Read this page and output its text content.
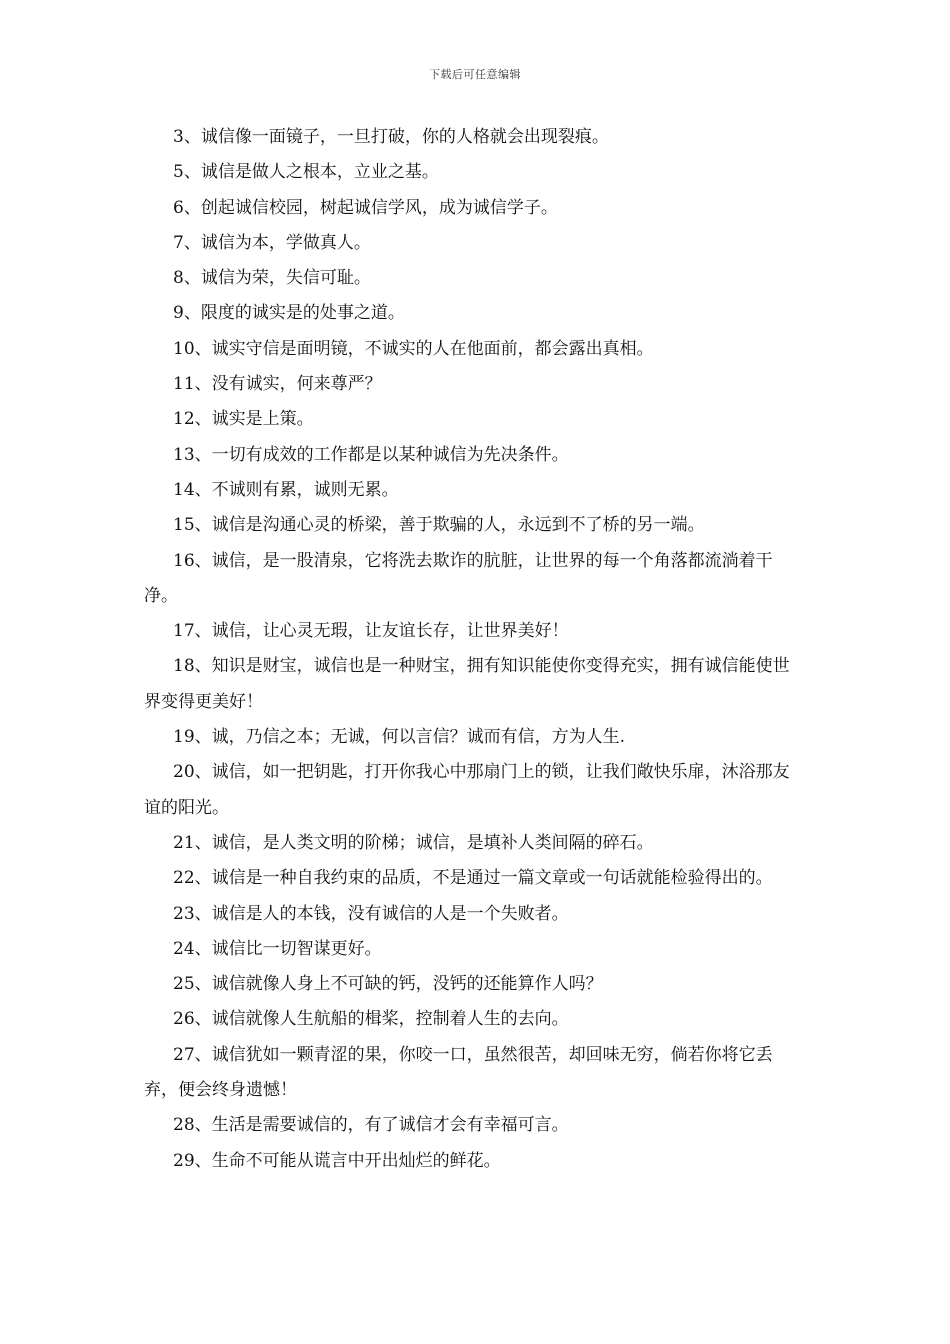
下载后可任意编辑

3、诚信像一面镜子，一旦打破，你的人格就会出现裂痕。

5、诚信是做人之根本，立业之基。

6、创起诚信校园，树起诚信学风，成为诚信学子。

7、诚信为本，学做真人。

8、诚信为荣，失信可耻。

9、限度的诚实是的处事之道。

10、诚实守信是面明镜，不诚实的人在他面前，都会露出真相。

11、没有诚实，何来尊严？

12、诚实是上策。

13、一切有成效的工作都是以某种诚信为先决条件。

14、不诚则有累，诚则无累。

15、诚信是沟通心灵的桥梁，善于欺骗的人，永远到不了桥的另一端。

16、诚信，是一股清泉，它将洗去欺诈的肮脏，让世界的每一个角落都流淌着干净。

17、诚信，让心灵无瑕，让友谊长存，让世界美好！

18、知识是财宝，诚信也是一种财宝，拥有知识能使你变得充实，拥有诚信能使世界变得更美好！

19、诚，乃信之本；无诚，何以言信？诚而有信，方为人生.

20、诚信，如一把钥匙，打开你我心中那扇门上的锁，让我们敞快乐扉，沐浴那友谊的阳光。

21、诚信，是人类文明的阶梯；诚信，是填补人类间隔的碎石。

22、诚信是一种自我约束的品质，不是通过一篇文章或一句话就能检验得出的。

23、诚信是人的本钱，没有诚信的人是一个失败者。

24、诚信比一切智谋更好。

25、诚信就像人身上不可缺的钙，没钙的还能算作人吗？

26、诚信就像人生航船的楫桨，控制着人生的去向。

27、诚信犹如一颗青涩的果，你咬一口，虽然很苦，却回味无穷，倘若你将它丢弃，便会终身遗憾！

28、生活是需要诚信的，有了诚信才会有幸福可言。

29、生命不可能从谎言中开出灿烂的鲜花。
